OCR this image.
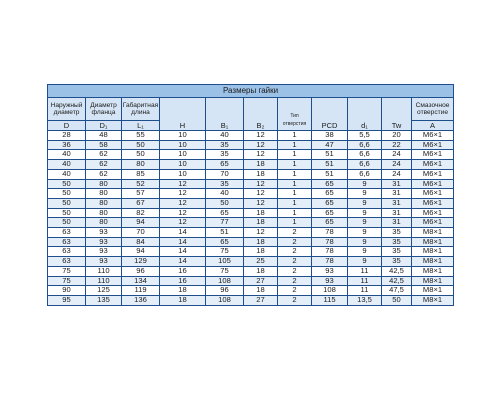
Размеры гайки										
Наружный диаметр	Диаметр фланца	Габаритная длина	H	B₁	B₂	Тип отверстия	PCD	d₁	Tw	Смазочное отверстие
D	D₁	L₁								A
28	48	55	10	40	12	1	38	5,5	20	M6×1
36	58	50	10	35	12	1	47	6,6	22	M6×1
40	62	50	10	35	12	1	51	6,6	24	M6×1
40	62	80	10	65	18	1	51	6,6	24	M6×1
40	62	85	10	70	18	1	51	6,6	24	M6×1
50	80	52	12	35	12	1	65	9	31	M6×1
50	80	57	12	40	12	1	65	9	31	M6×1
50	80	67	12	50	12	1	65	9	31	M6×1
50	80	82	12	65	18	1	65	9	31	M6×1
50	80	94	12	77	18	1	65	9	31	M6×1
63	93	70	14	51	12	2	78	9	35	M8×1
63	93	84	14	65	18	2	78	9	35	M8×1
63	93	94	14	75	18	2	78	9	35	M8×1
63	93	129	14	105	25	2	78	9	35	M8×1
75	110	96	16	75	18	2	93	11	42,5	M8×1
75	110	134	16	108	27	2	93	11	42,5	M8×1
90	125	119	18	96	18	2	108	11	47,5	M8×1
95	135	136	18	108	27	2	115	13,5	50	M8×1
